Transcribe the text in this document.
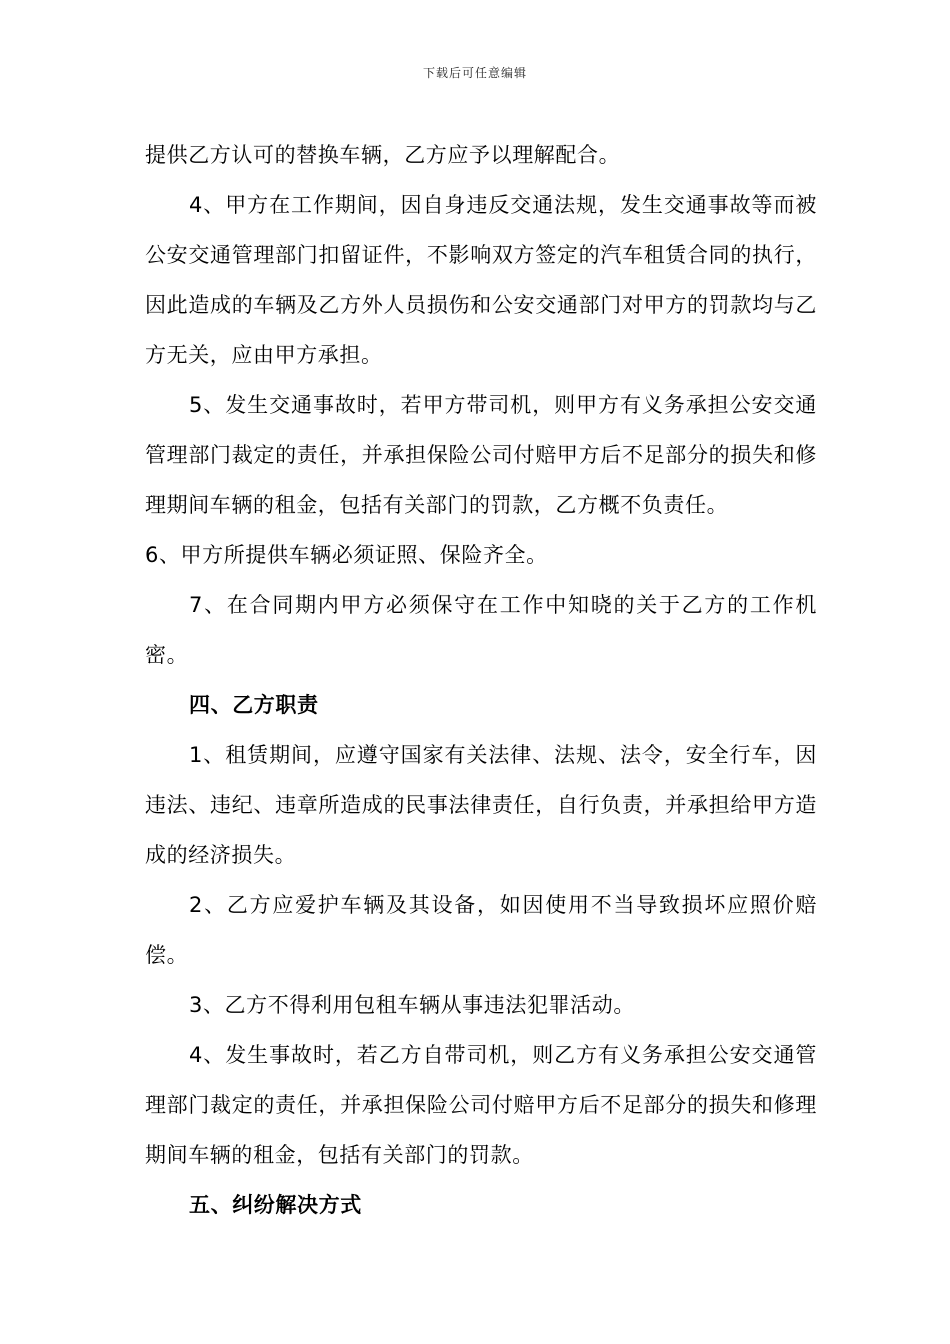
下载后可任意编辑

提供乙方认可的替换车辆，乙方应予以理解配合。

4、甲方在工作期间，因自身违反交通法规，发生交通事故等而被公安交通管理部门扣留证件，不影响双方签定的汽车租赁合同的执行，因此造成的车辆及乙方外人员损伤和公安交通部门对甲方的罚款均与乙方无关，应由甲方承担。

5、发生交通事故时，若甲方带司机，则甲方有义务承担公安交通管理部门裁定的责任，并承担保险公司付赔甲方后不足部分的损失和修理期间车辆的租金，包括有关部门的罚款，乙方概不负责任。

6、甲方所提供车辆必须证照、保险齐全。

7、在合同期内甲方必须保守在工作中知晓的关于乙方的工作机密。

四、乙方职责

1、租赁期间，应遵守国家有关法律、法规、法令，安全行车，因违法、违纪、违章所造成的民事法律责任，自行负责，并承担给甲方造成的经济损失。

2、乙方应爱护车辆及其设备，如因使用不当导致损坏应照价赔偿。

3、乙方不得利用包租车辆从事违法犯罪活动。

4、发生事故时，若乙方自带司机，则乙方有义务承担公安交通管理部门裁定的责任，并承担保险公司付赔甲方后不足部分的损失和修理期间车辆的租金，包括有关部门的罚款。

五、纠纷解决方式
